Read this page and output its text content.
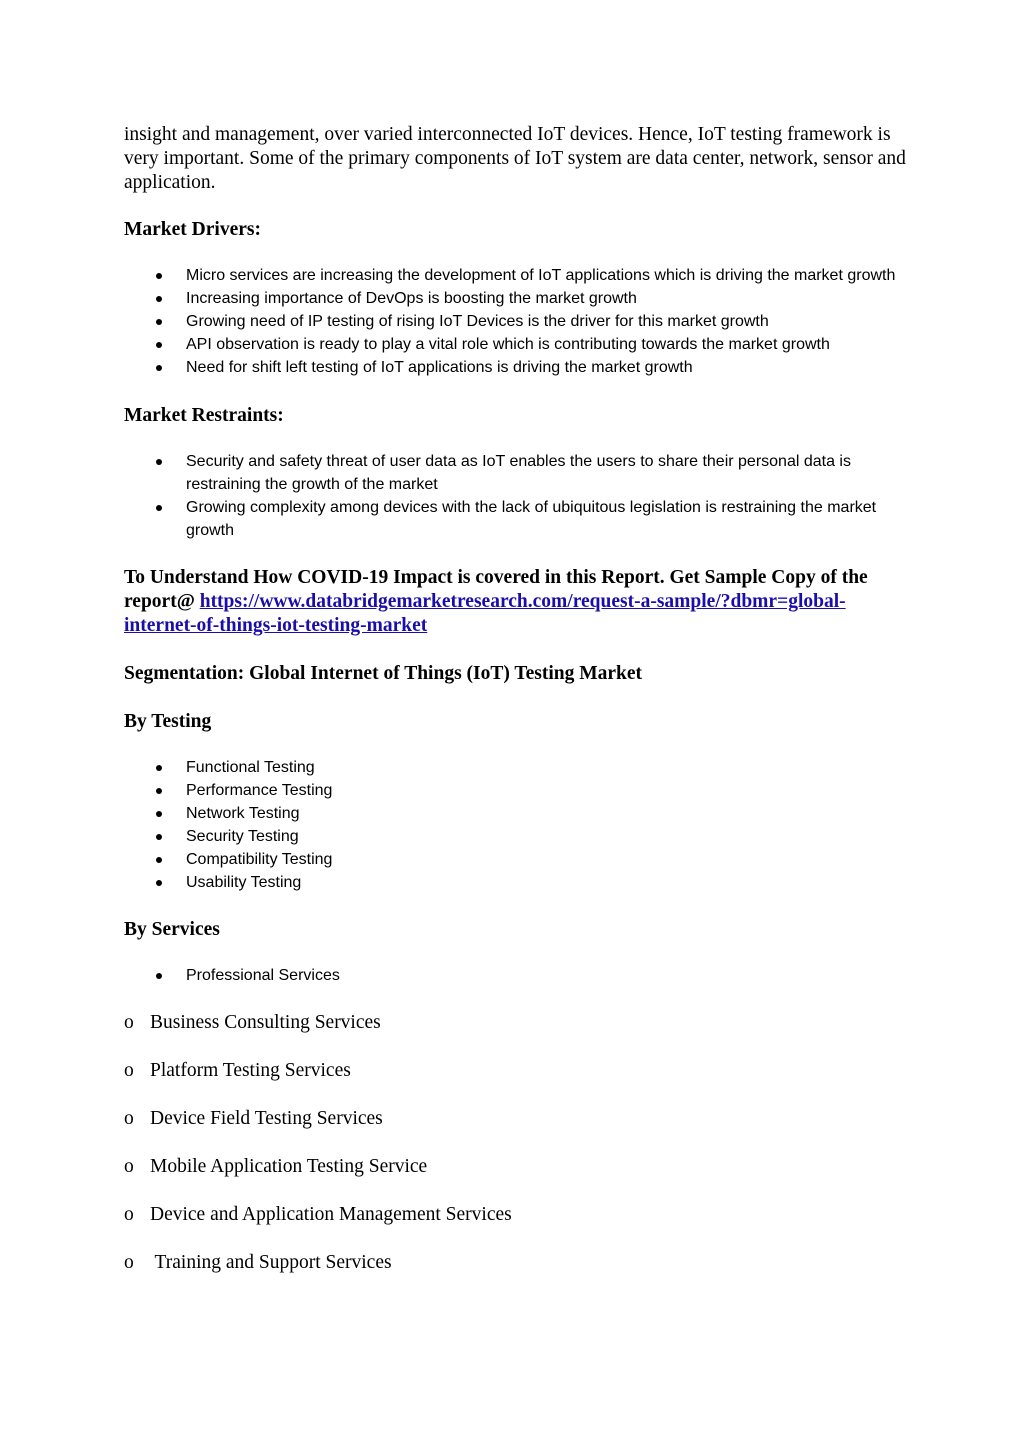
insight and management, over varied interconnected IoT devices. Hence, IoT testing framework is very important. Some of the primary components of IoT system are data center, network, sensor and application.

Market Drivers:

Micro services are increasing the development of IoT applications which is driving the market growth
Increasing importance of DevOps is boosting the market growth
Growing need of IP testing of rising IoT Devices is the driver for this market growth
API observation is ready to play a vital role which is contributing towards the market growth
Need for shift left testing of IoT applications is driving the market growth

Market Restraints:

Security and safety threat of user data as IoT enables the users to share their personal data is restraining the growth of the market
Growing complexity among devices with the lack of ubiquitous legislation is restraining the market growth

To Understand How COVID-19 Impact is covered in this Report. Get Sample Copy of the report@ https://www.databridgemarketresearch.com/request-a-sample/?dbmr=global-internet-of-things-iot-testing-market

Segmentation: Global Internet of Things (IoT) Testing Market

By Testing

Functional Testing
Performance Testing
Network Testing
Security Testing
Compatibility Testing
Usability Testing

By Services

Professional Services

o Business Consulting Services

o Platform Testing Services

o Device Field Testing Services

o Mobile Application Testing Service

o Device and Application Management Services

o Training and Support Services
